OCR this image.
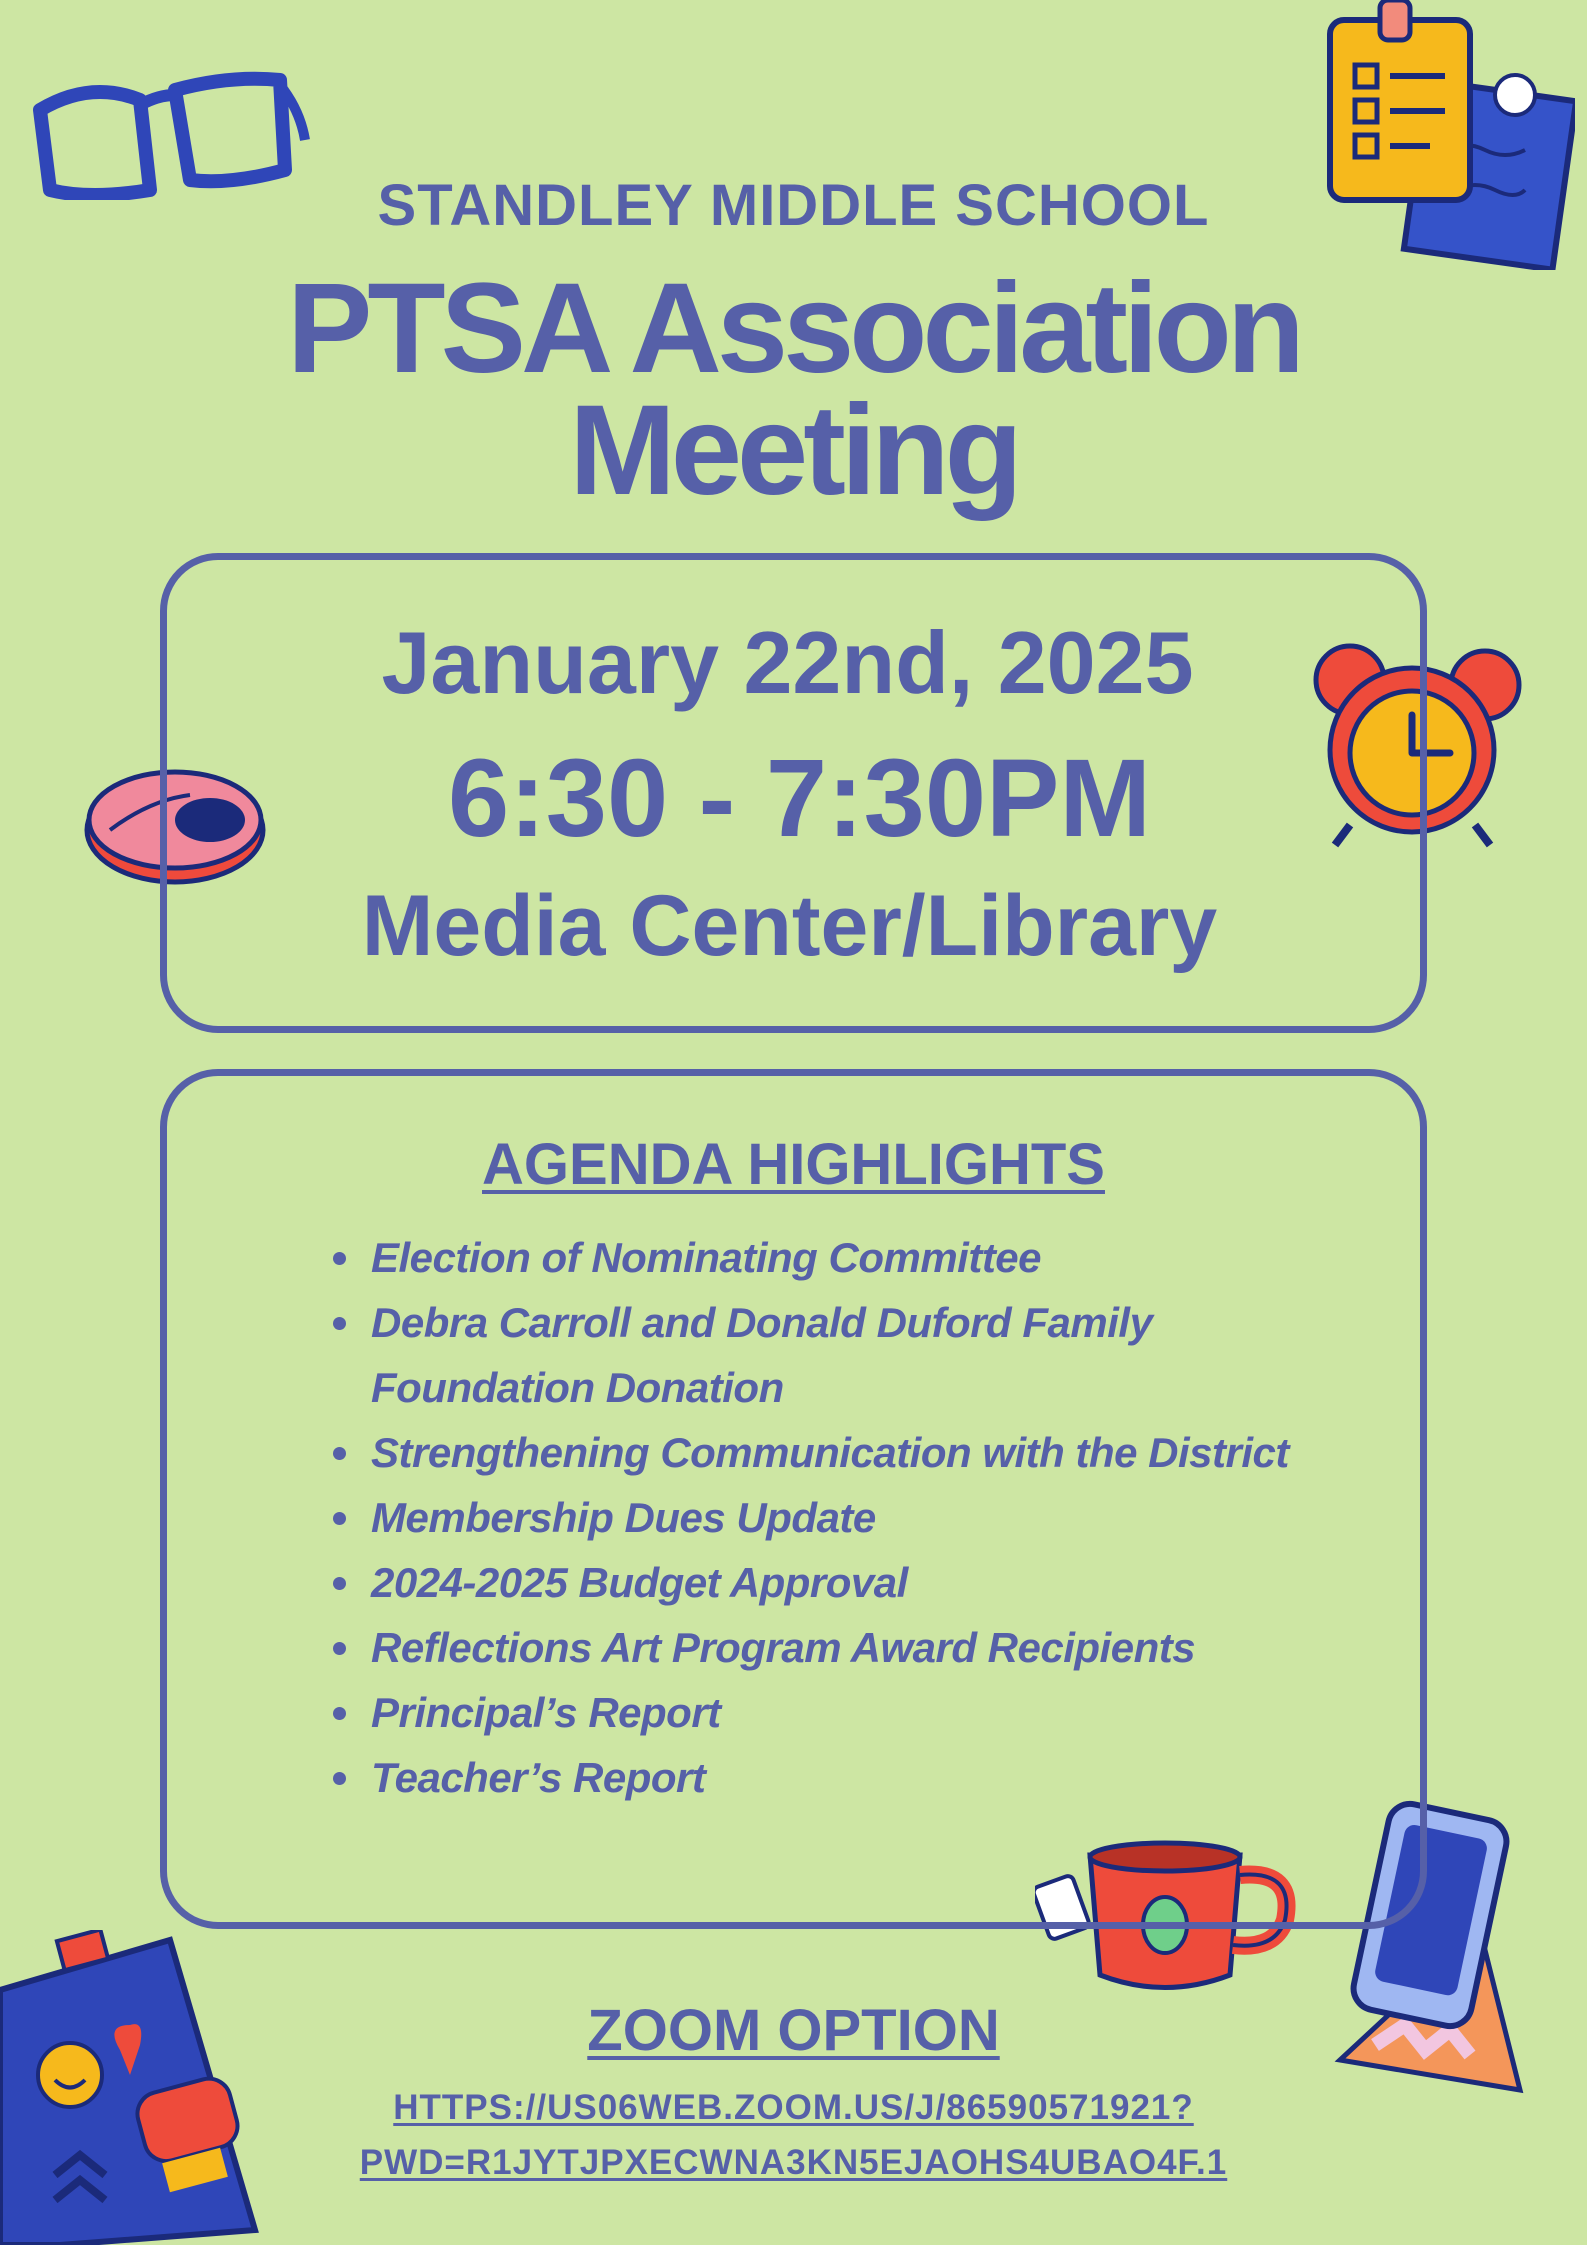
STANDLEY MIDDLE SCHOOL
PTSA Association
Meeting
January 22nd, 2025
6:30 - 7:30PM
Media Center/Library
AGENDA HIGHLIGHTS
Election of Nominating Committee
Debra Carroll and Donald Duford Family Foundation Donation
Strengthening Communication with the District
Membership Dues Update
2024-2025 Budget Approval
Reflections Art Program Award Recipients
Principal’s Report
Teacher’s Report
ZOOM OPTION
HTTPS://US06WEB.ZOOM.US/J/86590571921?
PWD=R1JYTJPXECWNA3KN5EJAOHS4UBAO4F.1
